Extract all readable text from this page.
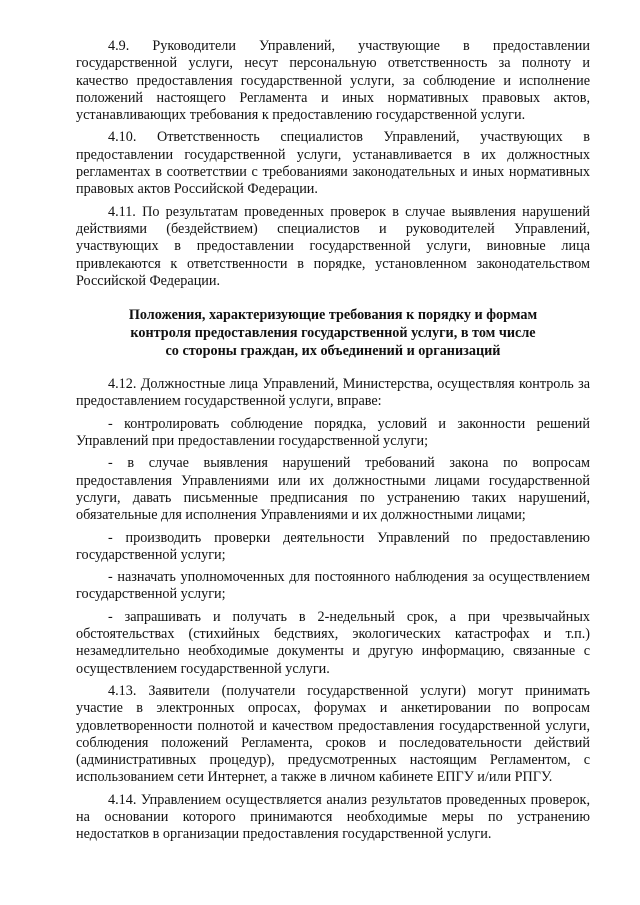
4.9. Руководители Управлений, участвующие в предоставлении государственной услуги, несут персональную ответственность за полноту и качество предоставления государственной услуги, за соблюдение и исполнение положений настоящего Регламента и иных нормативных правовых актов, устанавливающих требования к предоставлению государственной услуги.

4.10. Ответственность специалистов Управлений, участвующих в предоставлении государственной услуги, устанавливается в их должностных регламентах в соответствии с требованиями законодательных и иных нормативных правовых актов Российской Федерации.

4.11. По результатам проведенных проверок в случае выявления нарушений действиями (бездействием) специалистов и руководителей Управлений, участвующих в предоставлении государственной услуги, виновные лица привлекаются к ответственности в порядке, установленном законодательством Российской Федерации.

Положения, характеризующие требования к порядку и формам
контроля предоставления государственной услуги, в том числе
со стороны граждан, их объединений и организаций

4.12. Должностные лица Управлений, Министерства, осуществляя контроль за предоставлением государственной услуги, вправе:

- контролировать соблюдение порядка, условий и законности решений Управлений при предоставлении государственной услуги;

- в случае выявления нарушений требований закона по вопросам предоставления Управлениями или их должностными лицами государственной услуги, давать письменные предписания по устранению таких нарушений, обязательные для исполнения Управлениями и их должностными лицами;

- производить проверки деятельности Управлений по предоставлению государственной услуги;

- назначать уполномоченных для постоянного наблюдения за осуществлением государственной услуги;

- запрашивать и получать в 2-недельный срок, а при чрезвычайных обстоятельствах (стихийных бедствиях, экологических катастрофах и т.п.) незамедлительно необходимые документы и другую информацию, связанные с осуществлением государственной услуги.

4.13. Заявители (получатели государственной услуги) могут принимать участие в электронных опросах, форумах и анкетировании по вопросам удовлетворенности полнотой и качеством предоставления государственной услуги, соблюдения положений Регламента, сроков и последовательности действий (административных процедур), предусмотренных настоящим Регламентом, с использованием сети Интернет, а также в личном кабинете ЕПГУ и/или РПГУ.

4.14. Управлением осуществляется анализ результатов проведенных проверок, на основании которого принимаются необходимые меры по устранению недостатков в организации предоставления государственной услуги.
